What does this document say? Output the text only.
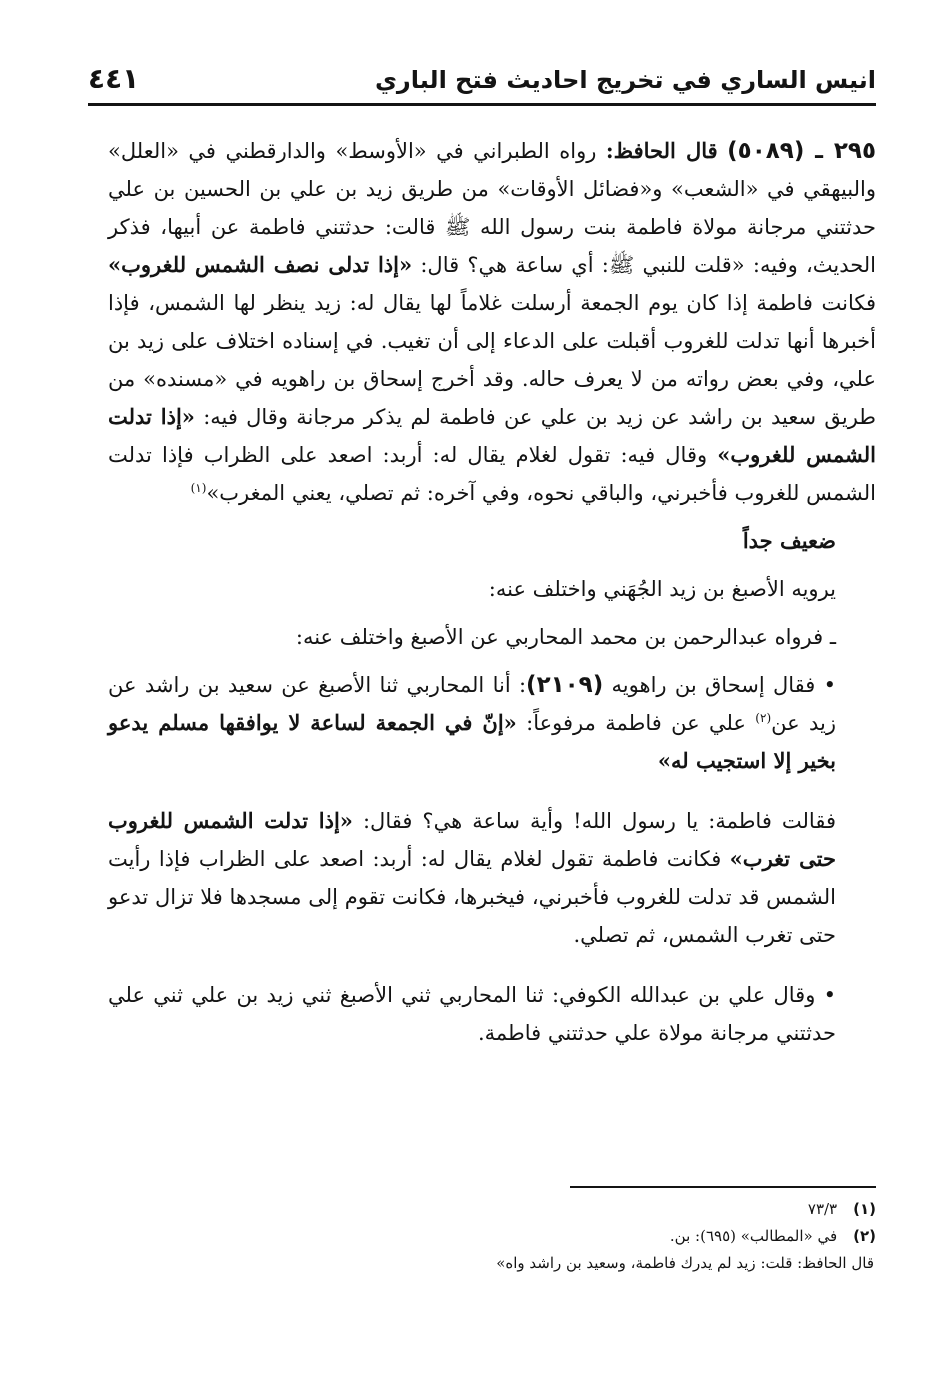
انيس الساري في تخريج احاديث فتح الباري
٤٤١

٢٩٥ ـ (٥٠٨٩) قال الحافظ: رواه الطبراني في «الأوسط» والدارقطني في «العلل» والبيهقي في «الشعب» و«فضائل الأوقات» من طريق زيد بن علي بن الحسين بن علي حدثتني مرجانة مولاة فاطمة بنت رسول الله ﷺ قالت: حدثتني فاطمة عن أبيها، فذكر الحديث، وفيه: «قلت للنبي ﷺ: أي ساعة هي؟ قال: «إذا تدلى نصف الشمس للغروب» فكانت فاطمة إذا كان يوم الجمعة أرسلت غلاماً لها يقال له: زيد ينظر لها الشمس، فإذا أخبرها أنها تدلت للغروب أقبلت على الدعاء إلى أن تغيب. في إسناده اختلاف على زيد بن علي، وفي بعض رواته من لا يعرف حاله. وقد أخرج إسحاق بن راهويه في «مسنده» من طريق سعيد بن راشد عن زيد بن علي عن فاطمة لم يذكر مرجانة وقال فيه: «إذا تدلت الشمس للغروب» وقال فيه: تقول لغلام يقال له: أربد: اصعد على الظراب فإذا تدلت الشمس للغروب فأخبرني، والباقي نحوه، وفي آخره: ثم تصلي، يعني المغرب»$^{(١)}$

ضعيف جداً

يرويه الأصبغ بن زيد الجُهَني واختلف عنه:

ـ فرواه عبدالرحمن بن محمد المحاربي عن الأصبغ واختلف عنه:

• فقال إسحاق بن راهويه (٢١٠٩): أنا المحاربي ثنا الأصبغ عن سعيد بن راشد عن زيد عن$^{(٢)}$ علي عن فاطمة مرفوعاً: «إنّ في الجمعة لساعة لا يوافقها مسلم يدعو بخير إلا استجيب له»

فقالت فاطمة: يا رسول الله! وأية ساعة هي؟ فقال: «إذا تدلت الشمس للغروب حتى تغرب» فكانت فاطمة تقول لغلام يقال له: أربد: اصعد على الظراب فإذا رأيت الشمس قد تدلت للغروب فأخبرني، فيخبرها، فكانت تقوم إلى مسجدها فلا تزال تدعو حتى تغرب الشمس، ثم تصلي.

• وقال علي بن عبدالله الكوفي: ثنا المحاربي ثني الأصبغ ثني زيد بن علي ثني علي حدثتني مرجانة مولاة علي حدثتني فاطمة.

(١)٧٣/٣

(٢)في «المطالب» (٦٩٥): بن.

قال الحافظ: قلت: زيد لم يدرك فاطمة، وسعيد بن راشد واه»
